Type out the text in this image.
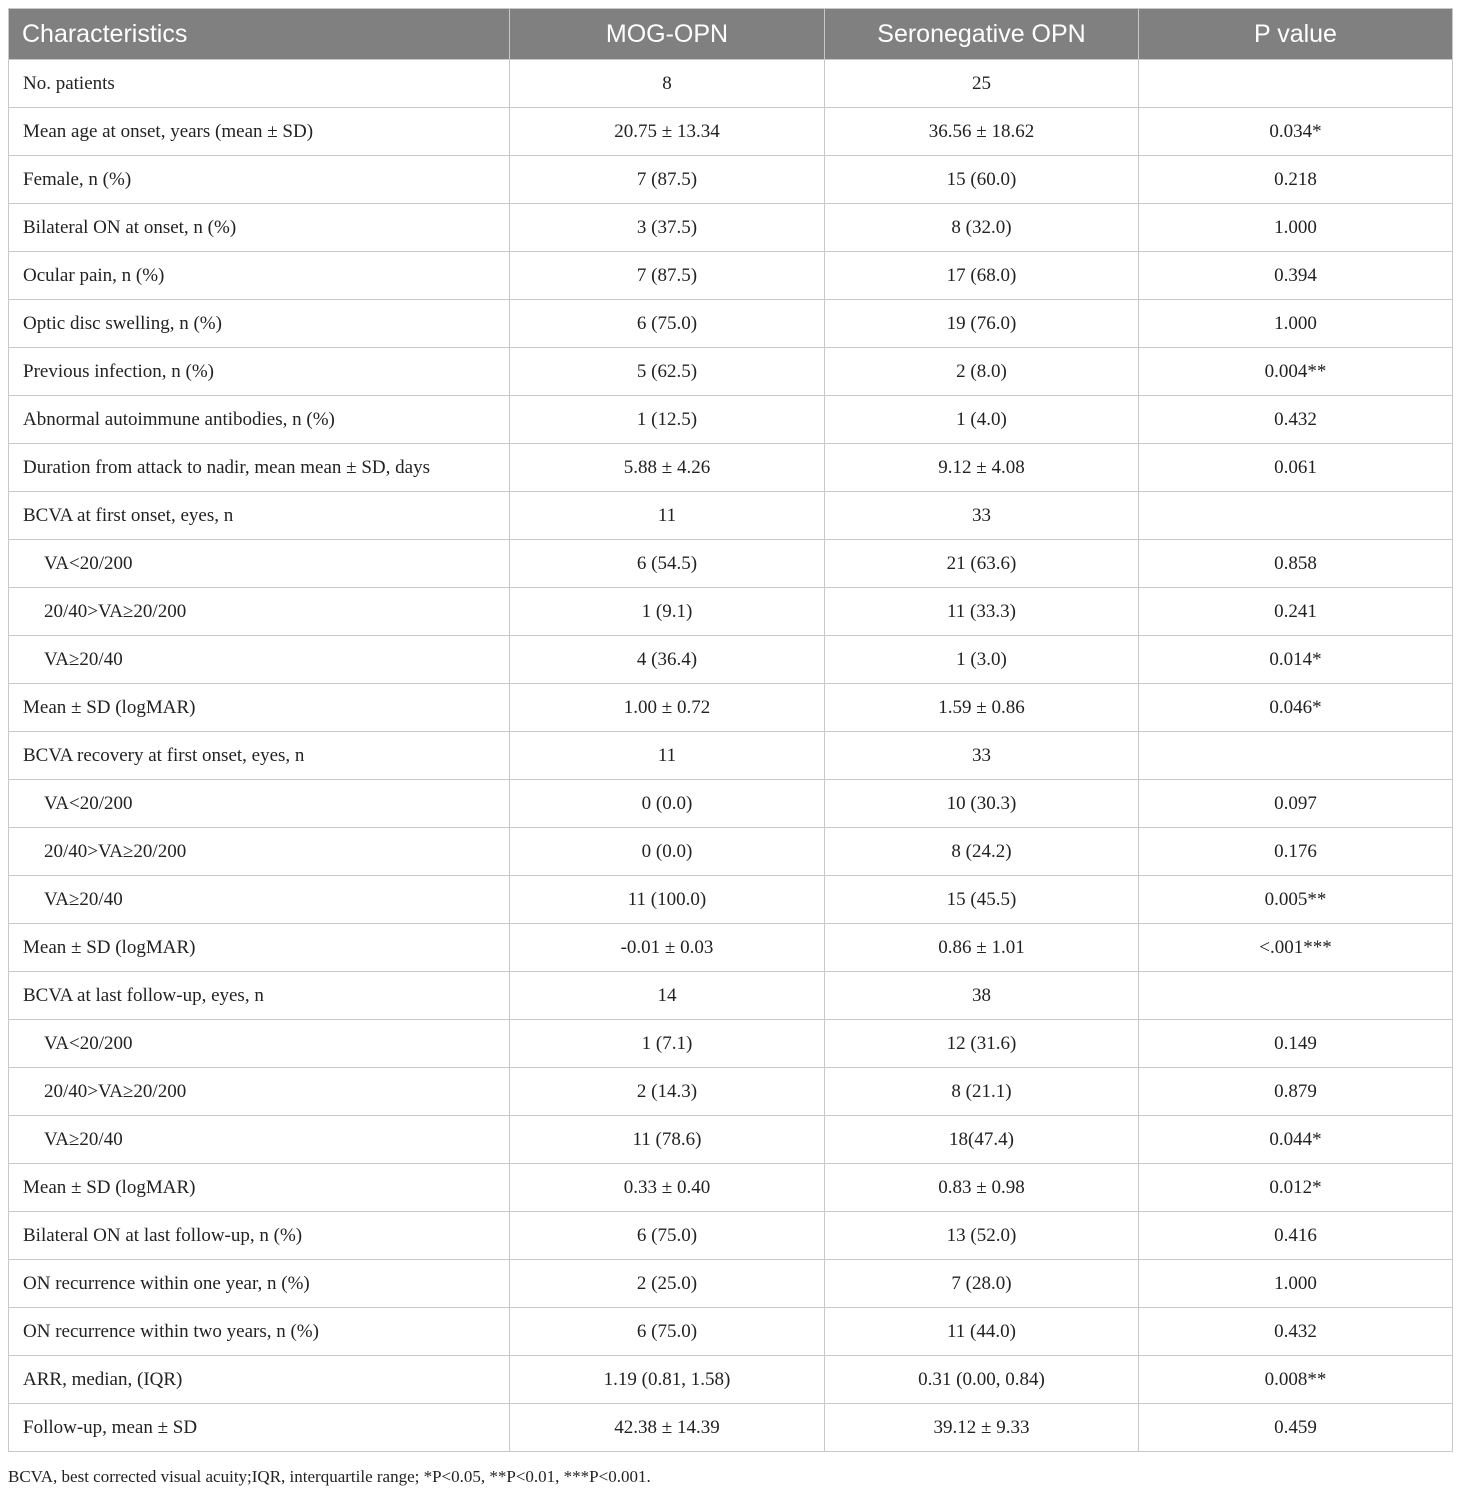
Characteristics	MOG-OPN	Seronegative OPN	P value
No. patients	8	25	
Mean age at onset, years (mean ± SD)	20.75 ± 13.34	36.56 ± 18.62	0.034*
Female, n (%)	7 (87.5)	15 (60.0)	0.218
Bilateral ON at onset, n (%)	3 (37.5)	8 (32.0)	1.000
Ocular pain, n (%)	7 (87.5)	17 (68.0)	0.394
Optic disc swelling, n (%)	6 (75.0)	19 (76.0)	1.000
Previous infection, n (%)	5 (62.5)	2 (8.0)	0.004**
Abnormal autoimmune antibodies, n (%)	1 (12.5)	1 (4.0)	0.432
Duration from attack to nadir, mean mean ± SD, days	5.88 ± 4.26	9.12 ± 4.08	0.061
BCVA at first onset, eyes, n	11	33	
VA<20/200	6 (54.5)	21 (63.6)	0.858
20/40>VA≥20/200	1 (9.1)	11 (33.3)	0.241
VA≥20/40	4 (36.4)	1 (3.0)	0.014*
Mean ± SD (logMAR)	1.00 ± 0.72	1.59 ± 0.86	0.046*
BCVA recovery at first onset, eyes, n	11	33	
VA<20/200	0 (0.0)	10 (30.3)	0.097
20/40>VA≥20/200	0 (0.0)	8 (24.2)	0.176
VA≥20/40	11 (100.0)	15 (45.5)	0.005**
Mean ± SD (logMAR)	-0.01 ± 0.03	0.86 ± 1.01	<.001***
BCVA at last follow-up, eyes, n	14	38	
VA<20/200	1 (7.1)	12 (31.6)	0.149
20/40>VA≥20/200	2 (14.3)	8 (21.1)	0.879
VA≥20/40	11 (78.6)	18(47.4)	0.044*
Mean ± SD (logMAR)	0.33 ± 0.40	0.83 ± 0.98	0.012*
Bilateral ON at last follow-up, n (%)	6 (75.0)	13 (52.0)	0.416
ON recurrence within one year, n (%)	2 (25.0)	7 (28.0)	1.000
ON recurrence within two years, n (%)	6 (75.0)	11 (44.0)	0.432
ARR, median, (IQR)	1.19 (0.81, 1.58)	0.31 (0.00, 0.84)	0.008**
Follow-up, mean ± SD	42.38 ± 14.39	39.12 ± 9.33	0.459
BCVA, best corrected visual acuity;IQR, interquartile range; *P<0.05, **P<0.01, ***P<0.001.
